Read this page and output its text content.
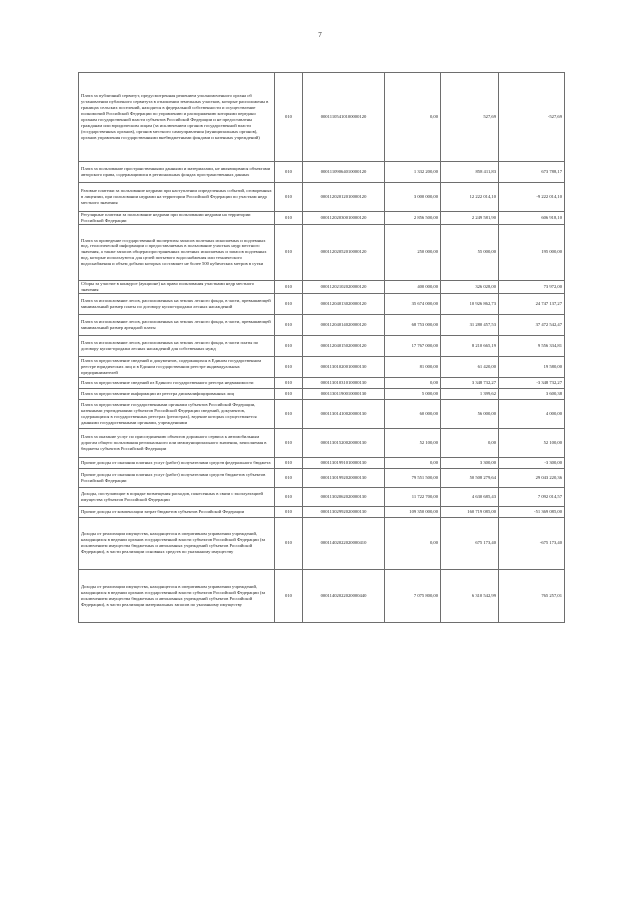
7
Плата за публичный сервитут, предусмотренная решением уполномоченного органа об установлении публичного сервитута в отношении земельных участков, которые расположены в границах сельских поселений, находятся в федеральной собственности и осуществление полномочий Российской Федерации по управлению и распоряжению которыми передано органам государственной власти субъектов Российской Федерации и не предоставлены гражданам или юридическим лицам (за исключением органов государственной власти (государственных органов), органов местного самоуправления (муниципальных органов), органов управления государственными внебюджетными фондами и казенных учреждений)	010	00011105410100000120	0,00	527,69	-527,69
Плата за пользование пространственными данными и материалами, не являющимися объектами авторского права, содержащимися в региональных фондах пространственных данных	010	00011109064010000120	1 332 200,00	858 411,83	673 788,17
Разовые платежи за пользование недрами при наступлении определенных событий, оговоренных в лицензии, при пользовании недрами на территории Российской Федерации по участкам недр местного значения	010	00011202012010000120	3 000 000,00	12 222 014,10	-9 222 014,10
Регулярные платежи за пользование недрами при пользовании недрами на территории Российской Федерации	010	00011202030010000120	2 856 500,00	2 249 581,90	606 918,10
Плата за проведение государственной экспертизы запасов полезных ископаемых и подземных вод, геологической информации о предоставляемых в пользование участках недр местного значения, а также запасов общераспространенных полезных ископаемых и запасов подземных вод, которые используются для целей питьевого водоснабжения или технического водоснабжения и объем добычи которых составляет не более 500 кубических метров в сутки	010	00011202052010000120	250 000,00	55 000,00	195 000,00
Сборы за участие в конкурсе (аукционе) на право пользования участками недр местного значения	010	00011202102020000120	400 000,00	326 028,00	73 972,00
Плата за использование лесов, расположенных на землях лесного фонда, в части, превышающей минимальный размер платы по договору купли-продажи лесных насаждений	010	00011204013020000120	35 674 000,00	10 926 862,73	24 747 137,27
Плата за использование лесов, расположенных на землях лесного фонда, в части, превышающей минимальный размер арендной платы	010	00011204014020000120	68 753 000,00	31 280 457,53	37 472 542,47
Плата за использование лесов, расположенных на землях лесного фонда, в части платы по договору купли-продажи лесных насаждений для собственных нужд	010	00011204015020000120	17 767 000,00	8 210 665,19	9 556 334,81
Плата за предоставление сведений и документов, содержащихся в Едином государственном реестре юридических лиц и в Едином государственном реестре индивидуальных предпринимателей	010	00011301020010000130	81 000,00	61 420,00	19 580,00
Плата за предоставление сведений из Единого государственного реестра недвижимости	010	00011301031010000130	0,00	3 348 732,27	-3 348 732,27
Плата за предоставление информации из реестра дисквалифицированных лиц	010	00011301190010000130	5 000,00	1 399,62	3 600,38
Плата за предоставление государственными органами субъектов Российской Федерации, казенными учреждениями субъектов Российской Федерации сведений, документов, содержащихся в государственных реестрах (регистрах), ведение которых осуществляется данными государственными органами, учреждениями	010	00011301410020000130	60 000,00	56 000,00	4 000,00
Плата за оказание услуг по присоединению объектов дорожного сервиса к автомобильным дорогам общего пользования регионального или межмуниципального значения, зачисляемая в бюджеты субъектов Российской Федерации	010	00011301520020000130	52 100,00	0,00	52 100,00
Прочие доходы от оказания платных услуг (работ) получателями средств федерального бюджета	010	00011301991010000130	0,00	3 300,00	-3 300,00
Прочие доходы от оказания платных услуг (работ) получателями средств бюджетов субъектов Российской Федерации	010	00011301992020000130	79 551 500,00	50 508 279,64	29 043 220,36
Доходы, поступающие в порядке возмещения расходов, понесенных в связи с эксплуатацией имущества субъектов Российской Федерации	010	00011302062020000130	11 722 700,00	4 630 685,43	7 092 014,57
Прочие доходы от компенсации затрат бюджетов субъектов Российской Федерации	010	00011302992020000130	109 350 000,00	160 719 085,00	-51 369 085,00
Доходы от реализации имущества, находящегося в оперативном управлении учреждений, находящихся в ведении органов государственной власти субъектов Российской Федерации (за исключением имущества бюджетных и автономных учреждений субъектов Российской Федерации), в части реализации основных средств по указанному имуществу	010	00011402022020000410	0,00	675 173,40	-675 173,40
Доходы от реализации имущества, находящегося в оперативном управлении учреждений, находящихся в ведении органов государственной власти субъектов Российской Федерации (за исключением имущества бюджетных и автономных учреждений субъектов Российской Федерации), в части реализации материальных запасов по указанному имуществу	010	00011402022020000440	7 075 800,00	6 310 542,99	765 257,01
